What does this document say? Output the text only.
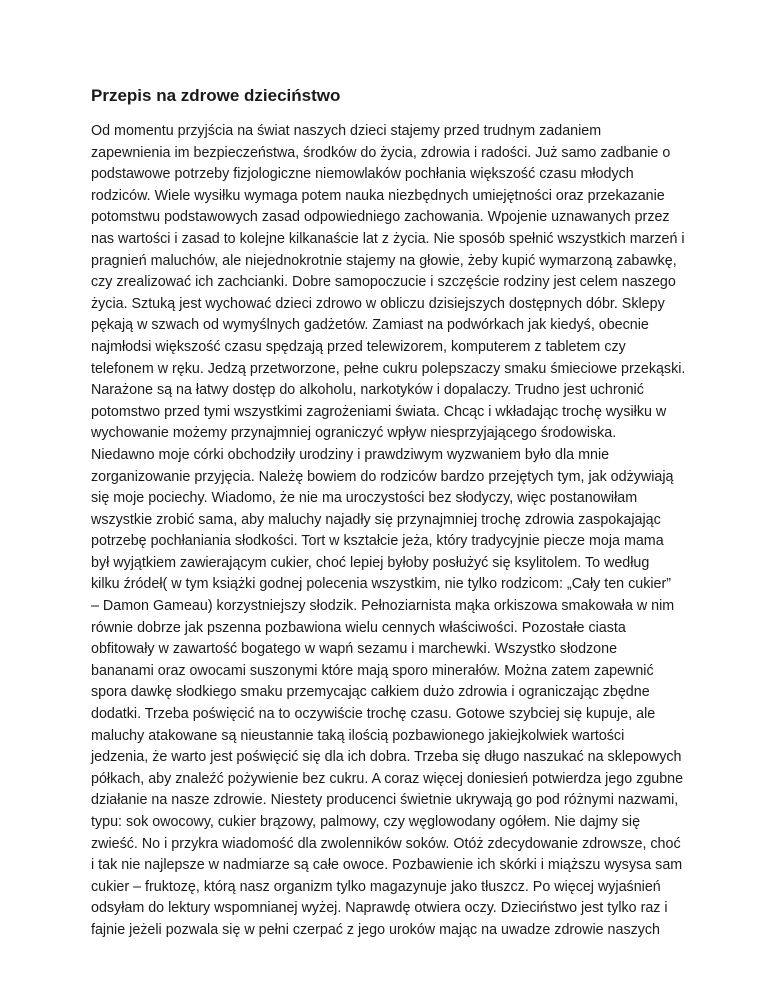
Przepis na zdrowe dzieciństwo

Od momentu przyjścia na świat naszych dzieci stajemy przed trudnym zadaniem

zapewnienia im bezpieczeństwa, środków do życia, zdrowia i radości. Już samo zadbanie o

podstawowe potrzeby fizjologiczne niemowlaków pochłania większość czasu młodych

rodziców. Wiele wysiłku wymaga potem nauka niezbędnych umiejętności oraz przekazanie

potomstwu podstawowych zasad odpowiedniego zachowania. Wpojenie uznawanych przez

nas wartości i zasad to kolejne kilkanaście lat z życia. Nie sposób spełnić wszystkich marzeń i

pragnień maluchów, ale niejednokrotnie stajemy na głowie, żeby kupić wymarzoną zabawkę,

czy zrealizować ich zachcianki. Dobre samopoczucie i szczęście rodziny jest celem naszego

życia. Sztuką jest wychować dzieci zdrowo w obliczu dzisiejszych dostępnych dóbr. Sklepy

pękają w szwach od wymyślnych gadżetów. Zamiast na podwórkach jak kiedyś, obecnie

najmłodsi większość czasu spędzają przed telewizorem, komputerem z tabletem czy

telefonem w ręku. Jedzą przetworzone, pełne cukru polepszaczy smaku śmieciowe przekąski.

Narażone są na łatwy dostęp do alkoholu, narkotyków i dopalaczy. Trudno jest uchronić

potomstwo przed tymi wszystkimi zagrożeniami świata. Chcąc i wkładając trochę wysiłku w

wychowanie możemy przynajmniej ograniczyć wpływ niesprzyjającego środowiska.

Niedawno moje córki obchodziły urodziny i prawdziwym wyzwaniem było dla mnie

zorganizowanie przyjęcia. Należę bowiem do rodziców bardzo przejętych tym, jak odżywiają

się moje pociechy. Wiadomo, że nie ma uroczystości bez słodyczy, więc postanowiłam

wszystkie zrobić sama, aby maluchy najadły się przynajmniej trochę zdrowia zaspokajając

potrzebę pochłaniania słodkości. Tort w kształcie jeża, który tradycyjnie piecze moja mama

był wyjątkiem zawierającym cukier, choć lepiej byłoby posłużyć się ksylitolem. To według

kilku źródeł( w tym książki godnej polecenia wszystkim, nie tylko rodzicom: „Cały ten cukier”

– Damon Gameau) korzystniejszy słodzik. Pełnoziarnista mąka orkiszowa smakowała w nim

równie dobrze jak pszenna pozbawiona wielu cennych właściwości. Pozostałe ciasta

obfitowały w zawartość bogatego w wapń sezamu i marchewki. Wszystko słodzone

bananami oraz owocami suszonymi które mają sporo minerałów. Można zatem zapewnić

spora dawkę słodkiego smaku przemycając całkiem dużo zdrowia i ograniczając zbędne

dodatki. Trzeba poświęcić na to oczywiście trochę czasu. Gotowe szybciej się kupuje, ale

maluchy atakowane są nieustannie taką ilością pozbawionego jakiejkolwiek wartości

jedzenia, że warto jest poświęcić się dla ich dobra. Trzeba się długo naszukać na sklepowych

półkach, aby znaleźć pożywienie bez cukru. A coraz więcej doniesień potwierdza jego zgubne

działanie na nasze zdrowie. Niestety producenci świetnie ukrywają go pod różnymi nazwami,

typu: sok owocowy, cukier brązowy, palmowy, czy węglowodany ogółem. Nie dajmy się

zwieść. No i przykra wiadomość dla zwolenników soków. Otóż zdecydowanie zdrowsze, choć

i tak nie najlepsze w nadmiarze są całe owoce. Pozbawienie ich skórki i miąższu wysysa sam

cukier – fruktozę, którą nasz organizm tylko magazynuje jako tłuszcz. Po więcej wyjaśnień

odsyłam do lektury wspomnianej wyżej. Naprawdę otwiera oczy. Dzieciństwo jest tylko raz i

fajnie jeżeli pozwala się w pełni czerpać z jego uroków mając na uwadze zdrowie naszych
